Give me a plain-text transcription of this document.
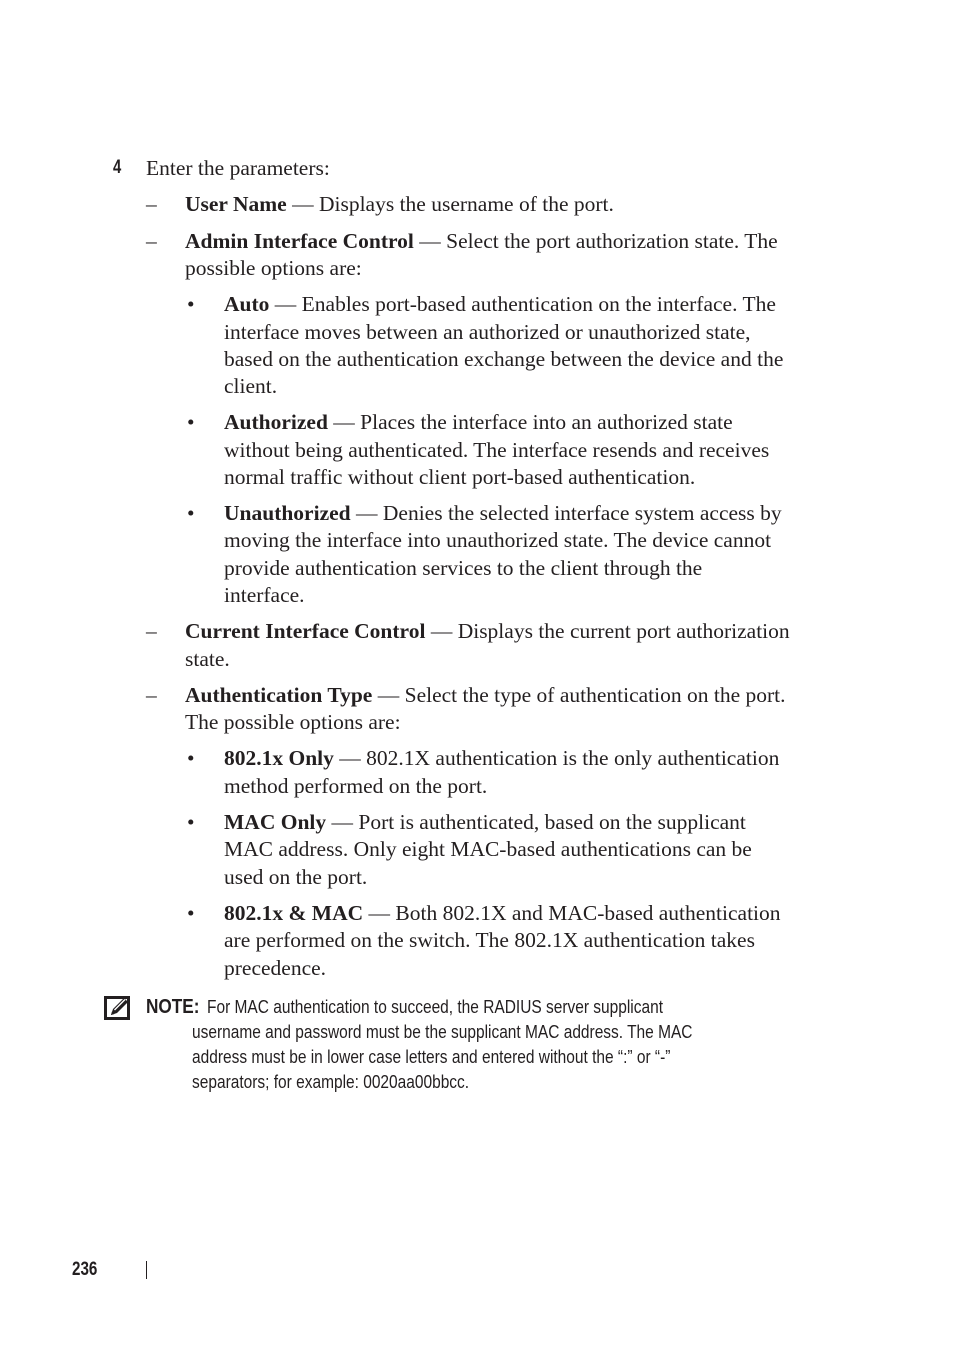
4 Enter the parameters:
– User Name — Displays the username of the port.
– Admin Interface Control — Select the port authorization state. The
possible options are:
• Auto — Enables port-based authentication on the interface. The
interface moves between an authorized or unauthorized state,
based on the authentication exchange between the device and the
client.
• Authorized — Places the interface into an authorized state
without being authenticated. The interface resends and receives
normal traffic without client port-based authentication.
• Unauthorized — Denies the selected interface system access by
moving the interface into unauthorized state. The device cannot
provide authentication services to the client through the
interface.
– Current Interface Control — Displays the current port authorization
state.
– Authentication Type — Select the type of authentication on the port.
The possible options are:
• 802.1x Only — 802.1X authentication is the only authentication
method performed on the port.
• MAC Only — Port is authenticated, based on the supplicant
MAC address. Only eight MAC-based authentications can be
used on the port.
• 802.1x & MAC — Both 802.1X and MAC-based authentication
are performed on the switch. The 802.1X authentication takes
precedence.
NOTE: For MAC authentication to succeed, the RADIUS server supplicant
username and password must be the supplicant MAC address. The MAC
address must be in lower case letters and entered without the “:” or “-”
separators; for example: 0020aa00bbcc.
236
